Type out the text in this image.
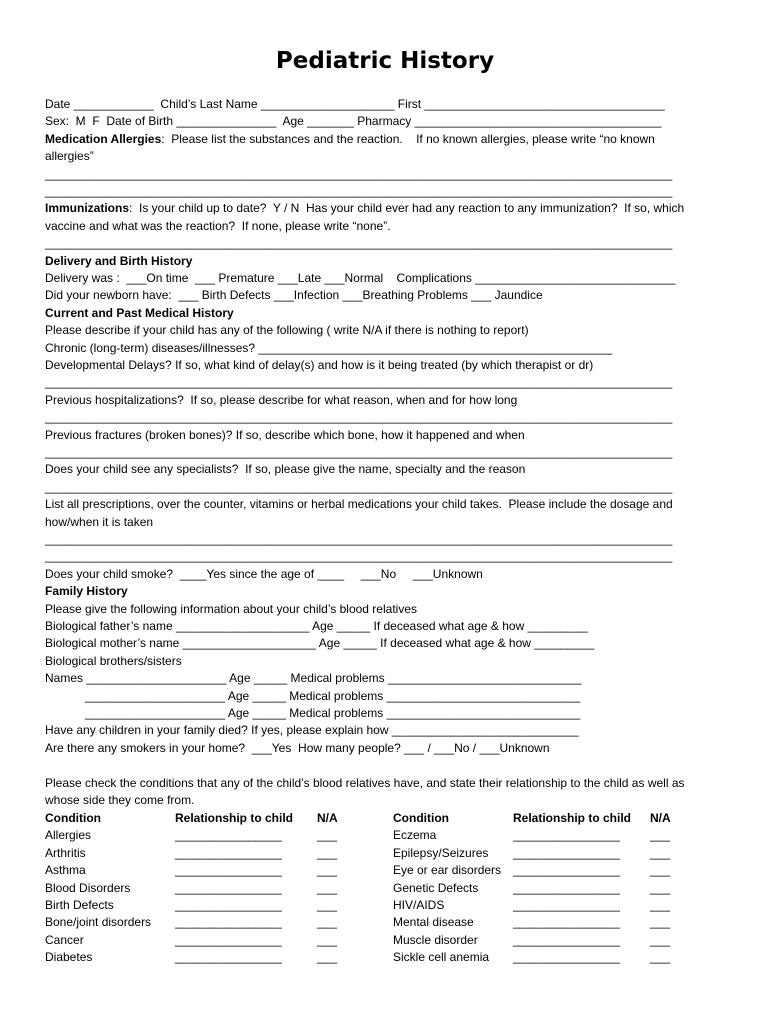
Pediatric History
Date ____________  Child’s Last Name ____________________ First ____________________________________
Sex:  M  F  Date of Birth _______________  Age _______ Pharmacy _____________________________________
Medication Allergies:  Please list the substances and the reaction.    If no known allergies, please write “no known
allergies”
______________________________________________________________________________________________
______________________________________________________________________________________________
Immunizations:  Is your child up to date?  Y / N  Has your child ever had any reaction to any immunization?  If so, which
vaccine and what was the reaction?  If none, please write “none”.
______________________________________________________________________________________________
Delivery and Birth History
Delivery was :  ___On time  ___ Premature ___Late ___Normal    Complications ______________________________
Did your newborn have:  ___ Birth Defects ___Infection ___Breathing Problems ___ Jaundice
Current and Past Medical History
Please describe if your child has any of the following ( write N/A if there is nothing to report)
Chronic (long-term) diseases/illnesses? _____________________________________________________
Developmental Delays? If so, what kind of delay(s) and how is it being treated (by which therapist or dr)
______________________________________________________________________________________________
Previous hospitalizations?  If so, please describe for what reason, when and for how long
______________________________________________________________________________________________
Previous fractures (broken bones)? If so, describe which bone, how it happened and when
______________________________________________________________________________________________
Does your child see any specialists?  If so, please give the name, specialty and the reason
______________________________________________________________________________________________
List all prescriptions, over the counter, vitamins or herbal medications your child takes.  Please include the dosage and
how/when it is taken
______________________________________________________________________________________________
______________________________________________________________________________________________
Does your child smoke?  ____Yes since the age of ____     ___No     ___Unknown
Family History
Please give the following information about your child’s blood relatives
Biological father’s name ____________________ Age _____ If deceased what age & how _________
Biological mother’s name ____________________ Age _____ If deceased what age & how _________
Biological brothers/sisters
Names _____________________ Age _____ Medical problems _____________________________
_____________________ Age _____ Medical problems _____________________________
_____________________ Age _____ Medical problems _____________________________
Have any children in your family died? If yes, please explain how ____________________________
Are there any smokers in your home?  ___Yes  How many people? ___ / ___No / ___Unknown
Please check the conditions that any of the child’s blood relatives have, and state their relationship to the child as well as
whose side they come from.
Condition	Relationship to child N/A
Allergies	________________	___
Arthritis	________________	___
Asthma	________________	___
Blood Disorders	________________	___
Birth Defects	________________	___
Bone/joint disorders ________________	___
Cancer	________________	___
Diabetes	________________	___
Condition	Relationship to child N/A
Eczema	________________	___
Epilepsy/Seizures ________________	___
Eye or ear disorders ________________	___
Genetic Defects	________________	___
HIV/AIDS	________________	___
Mental disease	________________	___
Muscle disorder	________________	___
Sickle cell anemia ________________	___
